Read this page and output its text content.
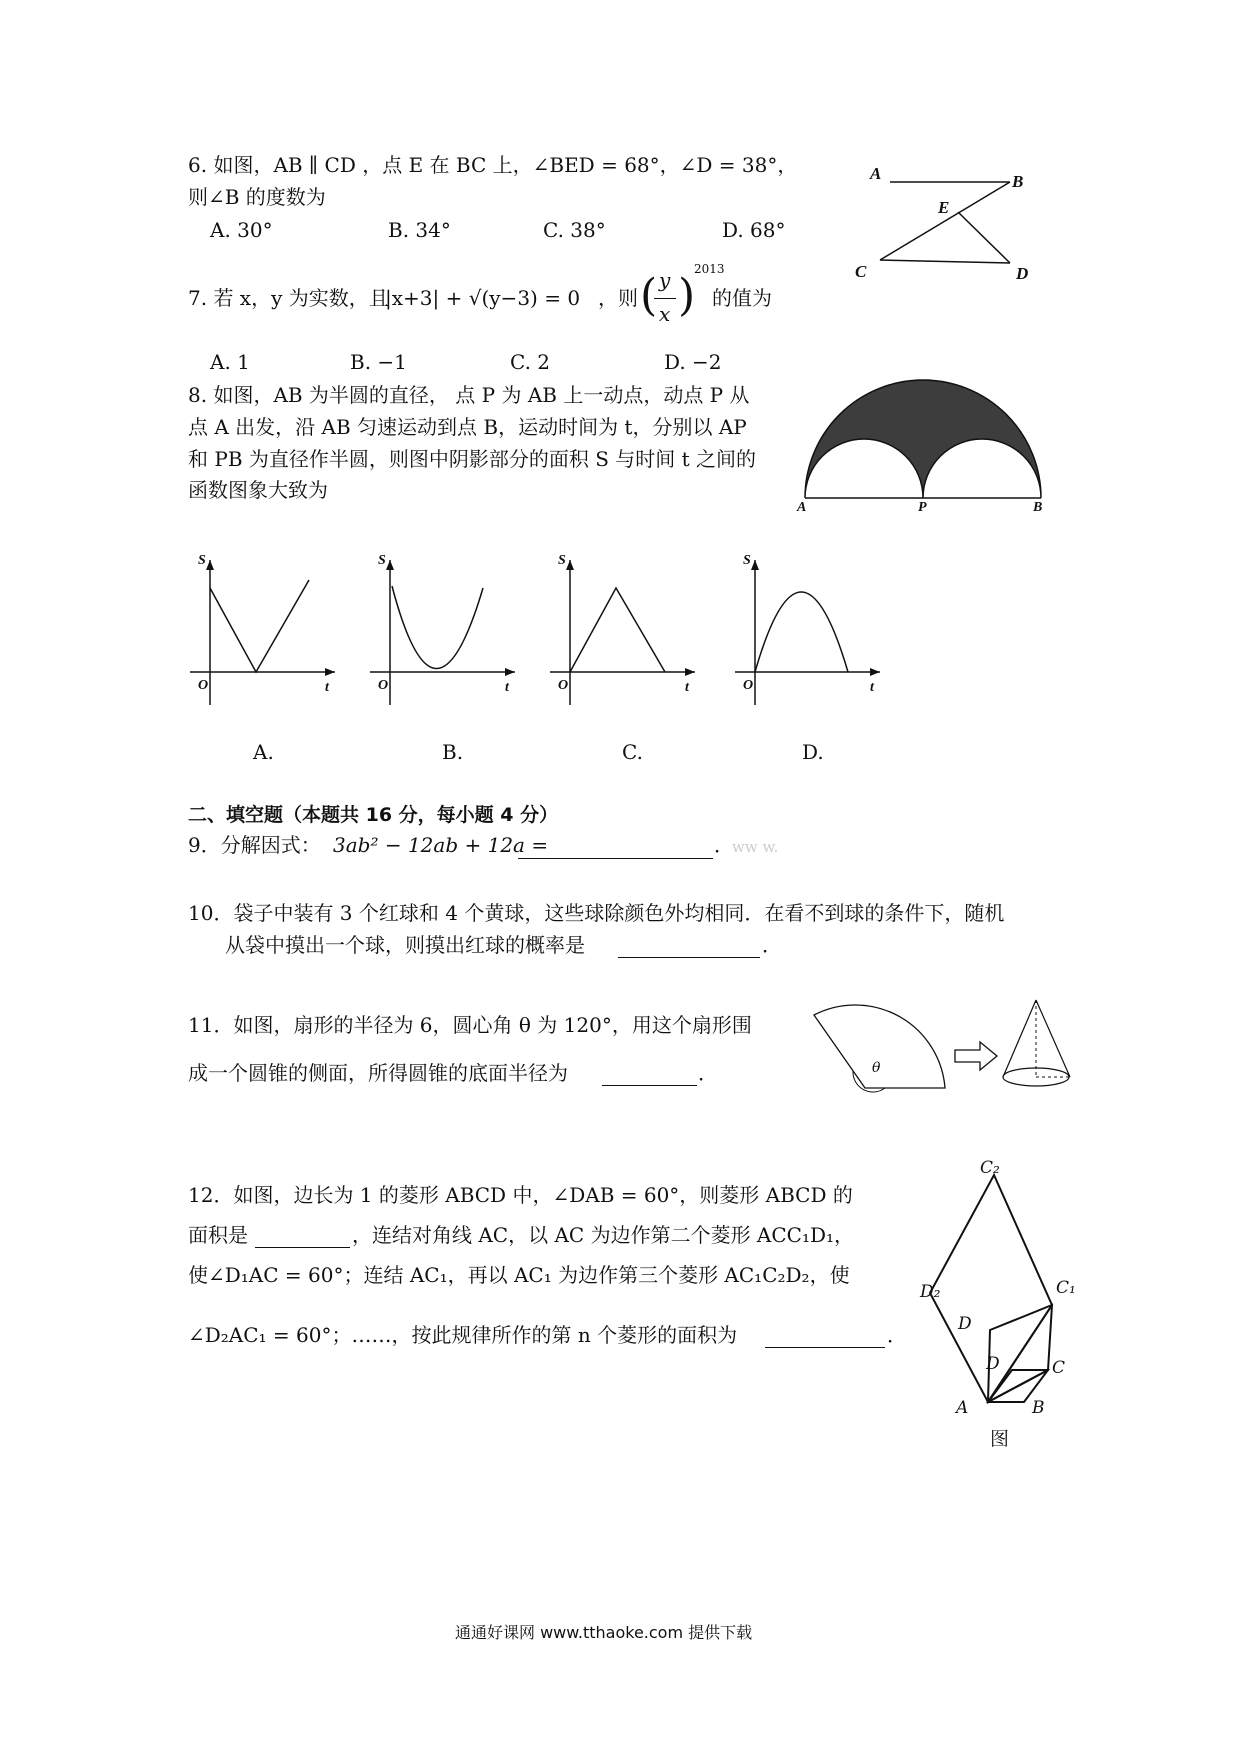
6. 如图，AB ∥ CD ，点 E 在 BC 上，∠BED = 68°，∠D = 38°，
则∠B 的度数为
A. 30°	B. 34°	C. 38°	D. 68°
A	B
E
C	D
7. 若 x，y 为实数，且
|x+3| + √(y−3) = 0 ，则 ( y
x )
2013
的值为
A. 1	B. −1	C. 2	D. −2
8. 如图，AB 为半圆的直径， 点 P 为 AB 上一动点，动点 P 从
点 A 出发，沿 AB 匀速运动到点 B，运动时间为 t，分别以 AP
和 PB 为直径作半圆，则图中阴影部分的面积 S 与时间 t 之间的
函数图象大致为
A	P	B
S
O	t
S
O	t
S
O	t
S
O	t
A.	B.	C.	D.
二、填空题（本题共 16 分，每小题 4 分）
9．分解因式： 3ab² − 12ab + 12a =	．
ww w.
10．袋子中装有 3 个红球和 4 个黄球，这些球除颜色外均相同．在看不到球的条件下，随机
从袋中摸出一个球，则摸出红球的概率是	．
11．如图，扇形的半径为 6，圆心角 θ 为 120°，用这个扇形围
成一个圆锥的侧面，所得圆锥的底面半径为	．	θ
12．如图，边长为 1 的菱形 ABCD 中，∠DAB = 60°，则菱形 ABCD 的
面积是	，连结对角线 AC，以 AC 为边作第二个菱形 ACC₁D₁，
使∠D₁AC = 60°；连结 AC₁，再以 AC₁ 为边作第三个菱形 AC₁C₂D₂，使
∠D₂AC₁ = 60°；……，按此规律所作的第 n 个菱形的面积为	．
C₂
D₂	C₁
D
D	C
A	B
图
通通好课网 www.tthaoke.com 提供下载
